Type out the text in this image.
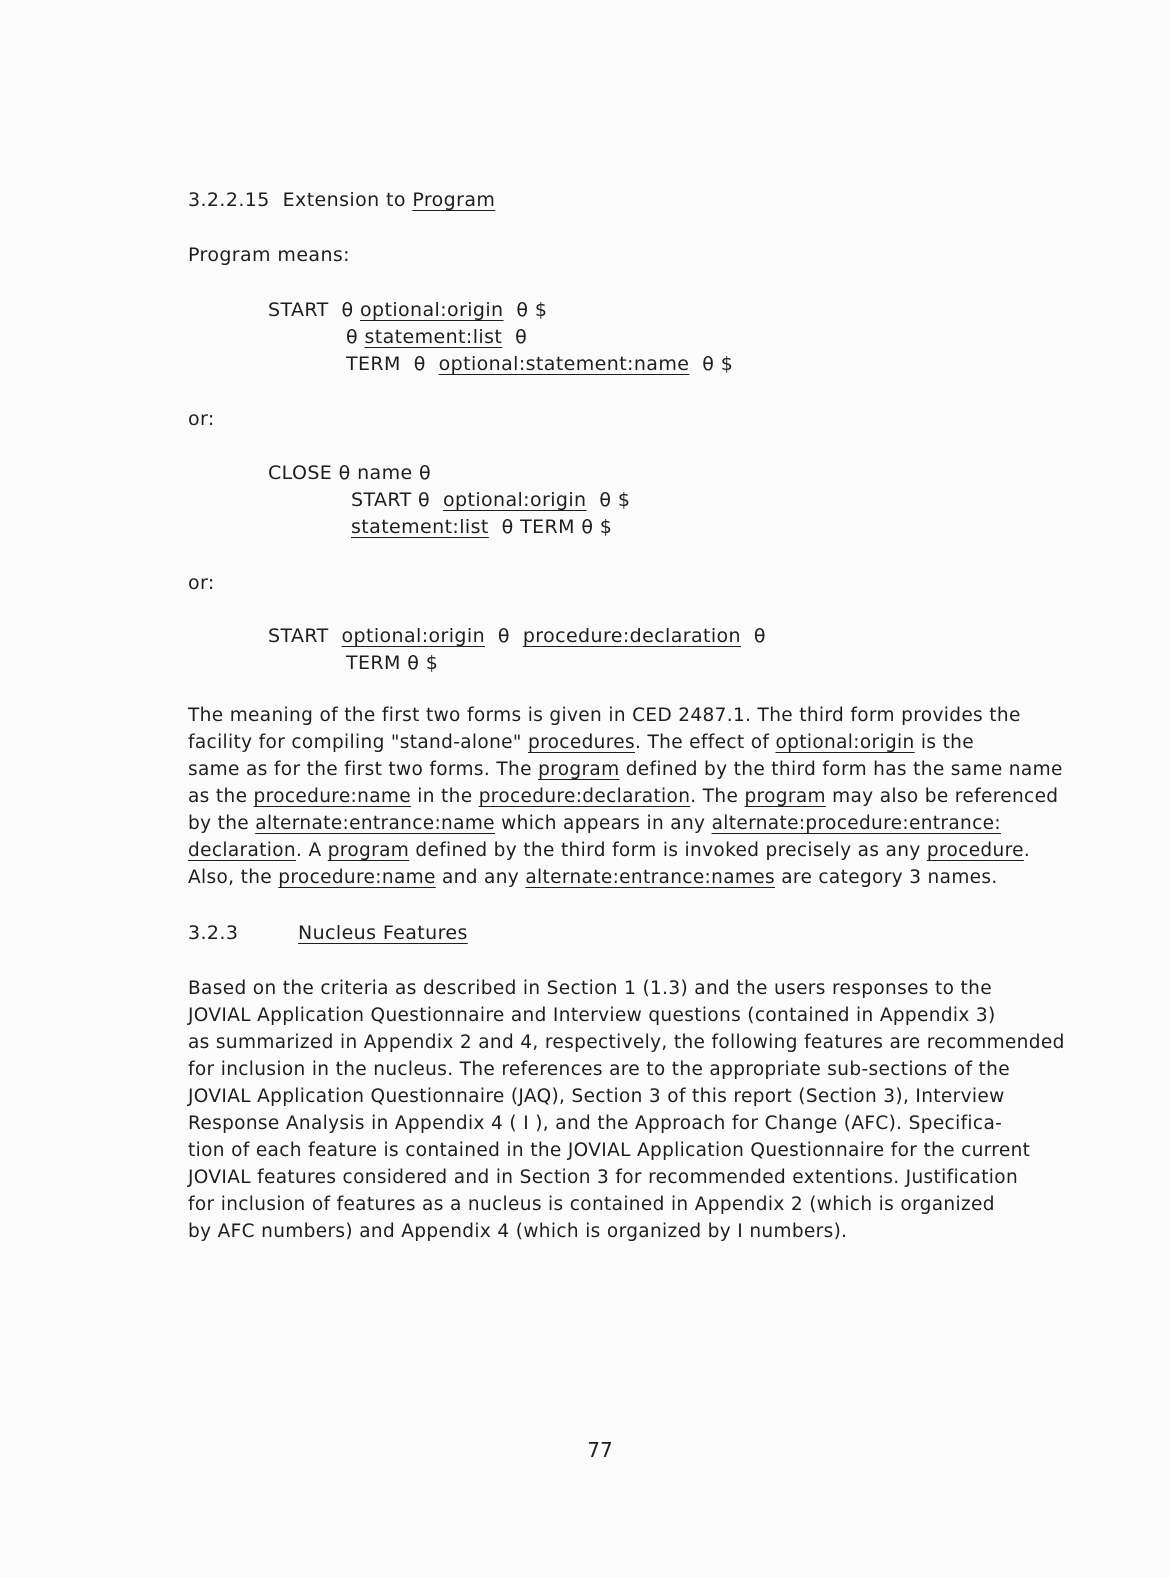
3.2.2.15 Extension to Program
Program means:
START θ optional:origin θ $
θ statement:list θ
TERM θ optional:statement:name θ $
or:
CLOSE θ name θ
START θ optional:origin θ $
statement:list θ TERM θ $
or:
START optional:origin θ procedure:declaration θ
TERM θ $
The meaning of the first two forms is given in CED 2487.1. The third form provides the
facility for compiling "stand-alone" procedures. The effect of optional:origin is the
same as for the first two forms. The program defined by the third form has the same name
as the procedure:name in the procedure:declaration. The program may also be referenced
by the alternate:entrance:name which appears in any alternate:procedure:entrance:
declaration. A program defined by the third form is invoked precisely as any procedure.
Also, the procedure:name and any alternate:entrance:names are category 3 names.
3.2.3	Nucleus Features
Based on the criteria as described in Section 1 (1.3) and the users responses to the
JOVIAL Application Questionnaire and Interview questions (contained in Appendix 3)
as summarized in Appendix 2 and 4, respectively, the following features are recommended
for inclusion in the nucleus. The references are to the appropriate sub-sections of the
JOVIAL Application Questionnaire (JAQ), Section 3 of this report (Section 3), Interview
Response Analysis in Appendix 4 ( I ), and the Approach for Change (AFC). Specifica-
tion of each feature is contained in the JOVIAL Application Questionnaire for the current
JOVIAL features considered and in Section 3 for recommended extentions. Justification
for inclusion of features as a nucleus is contained in Appendix 2 (which is organized
by AFC numbers) and Appendix 4 (which is organized by I numbers).
77
